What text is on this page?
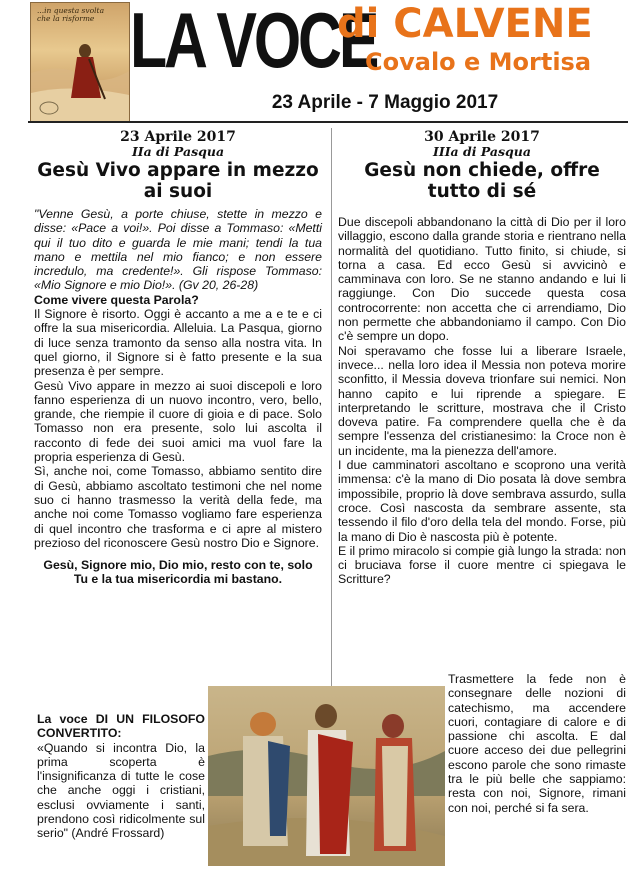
...in questa svolta che la risforme LA VOCE
di CALVENE
Covalo e Mortisa
23 Aprile - 7 Maggio 2017
23 Aprile 2017
IIa di Pasqua
Gesù Vivo appare in mezzo ai suoi

"Venne Gesù, a porte chiuse, stette in mezzo e disse: «Pace a voi!». Poi disse a Tommaso: «Metti qui il tuo dito e guarda le mie mani; tendi la tua mano e mettila nel mio fianco; e non essere incredulo, ma credente!». Gli rispose Tommaso: «Mio Signore e mio Dio!». (Gv 20, 26-28)

Come vivere questa Parola?

Il Signore è risorto. Oggi è accanto a me a e te e ci offre la sua misericordia. Alleluia. La Pasqua, giorno di luce senza tramonto da senso alla nostra vita. In quel giorno, il Signore si è fatto presente e la sua presenza è per sempre.

Gesù Vivo appare in mezzo ai suoi discepoli e loro fanno esperienza di un nuovo incontro, vero, bello, grande, che riempie il cuore di gioia e di pace. Solo Tomasso non era presente, solo lui ascolta il racconto di fede dei suoi amici ma vuol fare la propria esperienza di Gesù.

Sì, anche noi, come Tomasso, abbiamo sentito dire di Gesù, abbiamo ascoltato testimoni che nel nome suo ci hanno trasmesso la verità della fede, ma anche noi come Tomasso vogliamo fare esperienza di quel incontro che trasforma e ci apre al mistero prezioso del riconoscere Gesù nostro Dio e Signore.

Gesù, Signore mio, Dio mio, resto con te, solo Tu e la tua misericordia mi bastano.

La voce DI UN FILOSOFO CONVERTITO:

«Quando si incontra Dio, la prima scoperta è l'insignificanza di tutte le cose che anche oggi i cristiani, esclusi ovviamente i santi, prendono così ridicolmente sul serio" (André Frossard)

30 Aprile 2017
IIIa di Pasqua
Gesù non chiede, offre tutto di sé

Due discepoli abbandonano la città di Dio per il loro villaggio, escono dalla grande storia e rientrano nella normalità del quotidiano. Tutto finito, si chiude, si torna a casa. Ed ecco Gesù si avvicinò e camminava con loro. Se ne stanno andando e lui li raggiunge. Con Dio succede questa cosa controcorrente: non accetta che ci arrendiamo, Dio non permette che abbandoniamo il campo. Con Dio c'è sempre un dopo.

Noi speravamo che fosse lui a liberare Israele, invece... nella loro idea il Messia non poteva morire sconfitto, il Messia doveva trionfare sui nemici. Non hanno capito e lui riprende a spiegare. E interpretando le scritture, mostrava che il Cristo doveva patire. Fa comprendere quella che è da sempre l'essenza del cristianesimo: la Croce non è un incidente, ma la pienezza dell'amore.

I due camminatori ascoltano e scoprono una verità immensa: c'è la mano di Dio posata là dove sembra impossibile, proprio là dove sembrava assurdo, sulla croce. Così nascosta da sembrare assente, sta tessendo il filo d'oro della tela del mondo. Forse, più la mano di Dio è nascosta più è potente.

E il primo miracolo si compie già lungo la strada: non ci bruciava forse il cuore mentre ci spiegava le Scritture?

Trasmettere la fede non è consegnare delle nozioni di catechismo, ma accendere cuori, contagiare di calore e di passione chi ascolta. E dal cuore acceso dei due pellegrini escono parole che sono rimaste tra le più belle che sappiamo: resta con noi, Signore, rimani con noi, perché si fa sera.
